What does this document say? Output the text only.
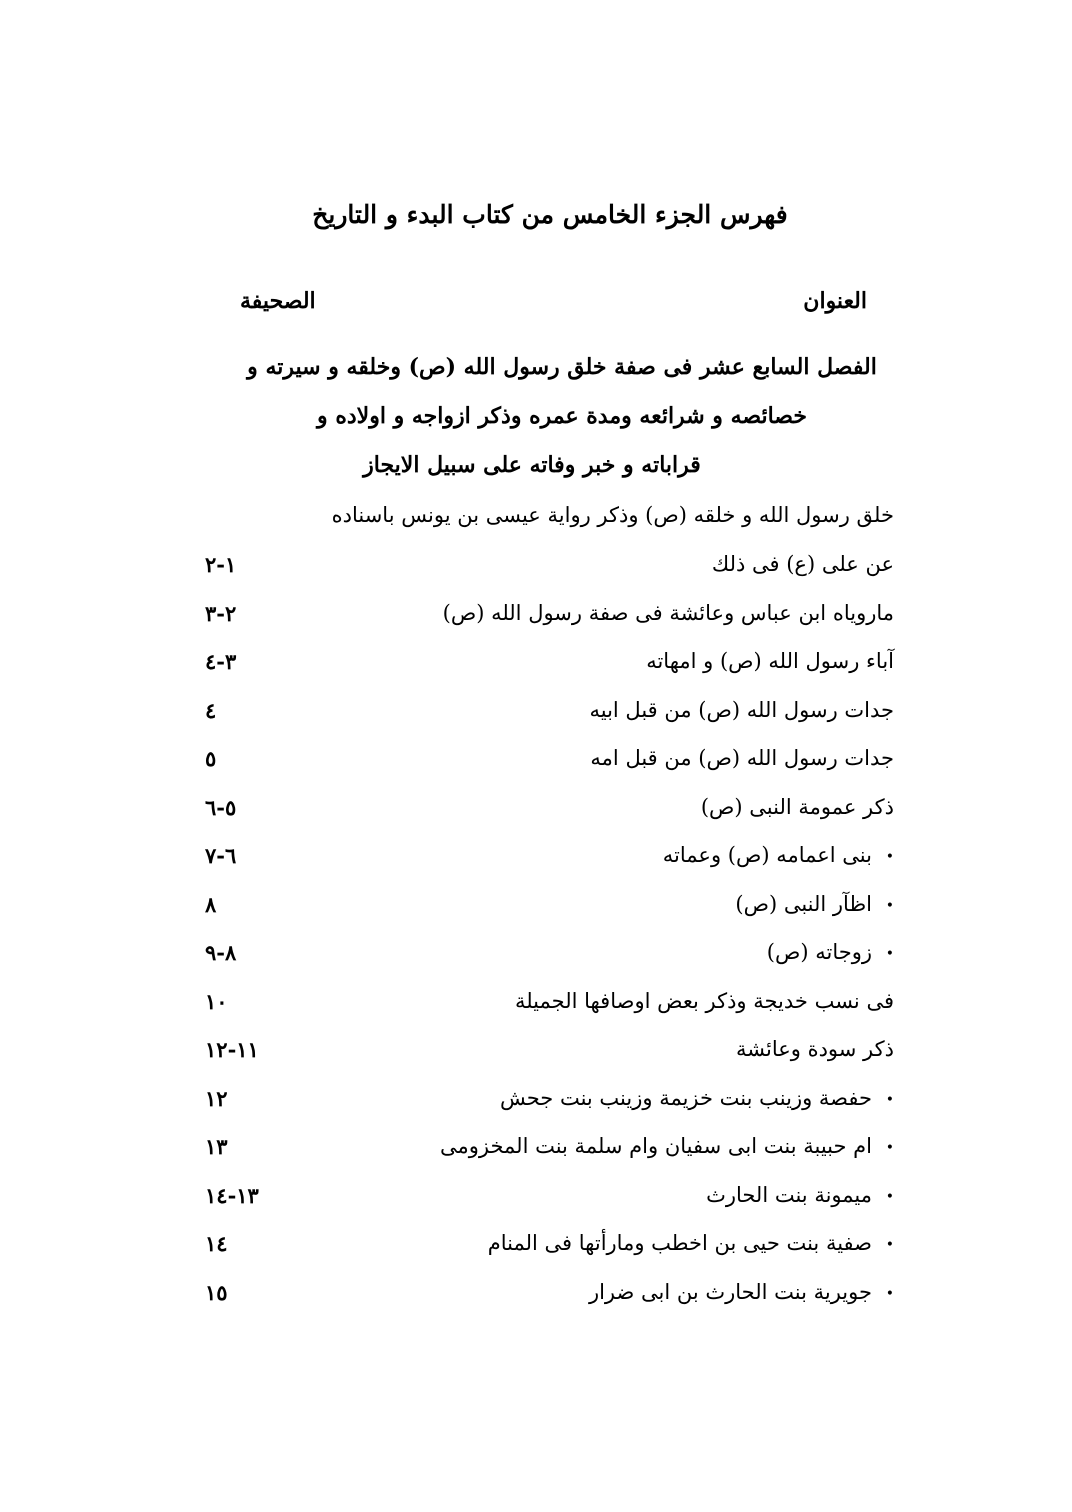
فهرس الجزء الخامس من كتاب البدء و التاريخ
العنوان
الصحيفة
الفصل السابع عشر فى صفة خلق رسول الله (ص) وخلقه و سيرته و
خصائصه و شرائعه ومدة عمره وذكر ازواجه و اولاده و
قراباته و خبر وفاته على سبيل الايجاز
خلق رسول الله و خلقه (ص) وذكر رواية عيسى بن يونس باسناده
عن على (ع) فى ذلك
١-٢
ماروياه ابن عباس وعائشة فى صفة رسول الله (ص)
٢-٣
آباء رسول الله (ص) و امهاته
٣-٤
جدات رسول الله (ص) من قبل ابيه
٤
جدات رسول الله (ص) من قبل امه
٥
ذكر عمومة النبى (ص)
٥-٦
•
بنى اعمامه (ص) وعماته
٦-٧
•
اظآر النبى (ص)
٨
•
زوجاته (ص)
٨-٩
فى نسب خديجة وذكر بعض اوصافها الجميلة
١٠
ذكر سودة وعائشة
١١-١٢
•
حفصة وزينب بنت خزيمة وزينب بنت جحش
١٢
•
ام حبيبة بنت ابى سفيان وام سلمة بنت المخزومى
١٣
•
ميمونة بنت الحارث
١٣-١٤
•
صفية بنت حيى بن اخطب ومارأتها فى المنام
١٤
•
جويرية بنت الحارث بن ابى ضرار
١٥
